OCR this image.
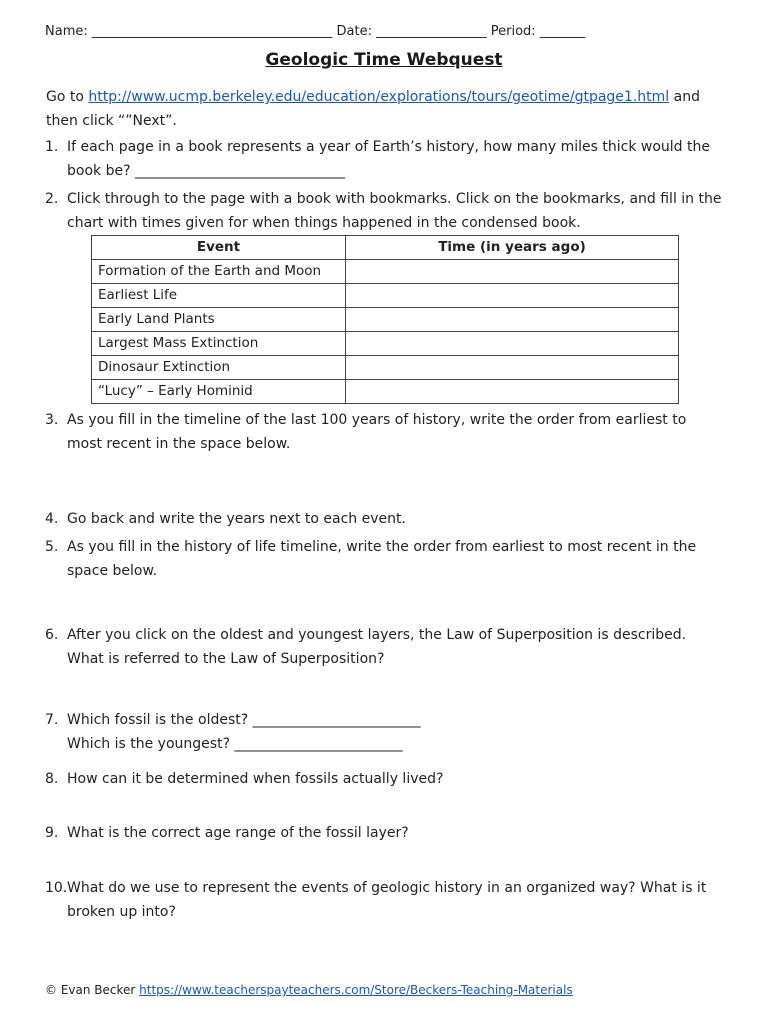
Name: _____________________________________ Date: _________________ Period: _______
Geologic Time Webquest
Go to http://www.ucmp.berkeley.edu/education/explorations/tours/geotime/gtpage1.html and then click “”Next”.
1. If each page in a book represents a year of Earth’s history, how many miles thick would the book be? ______________________________
2. Click through to the page with a book with bookmarks. Click on the bookmarks, and fill in the chart with times given for when things happened in the condensed book.
Event	Time (in years ago)
Formation of the Earth and Moon	
Earliest Life	
Early Land Plants	
Largest Mass Extinction	
Dinosaur Extinction	
“Lucy” – Early Hominid	
3. As you fill in the timeline of the last 100 years of history, write the order from earliest to most recent in the space below.
4. Go back and write the years next to each event.
5. As you fill in the history of life timeline, write the order from earliest to most recent in the space below.
6. After you click on the oldest and youngest layers, the Law of Superposition is described. What is referred to the Law of Superposition?
7. Which fossil is the oldest? ________________________
Which is the youngest? ________________________
8. How can it be determined when fossils actually lived?
9. What is the correct age range of the fossil layer?
10. What do we use to represent the events of geologic history in an organized way? What is it broken up into?
© Evan Becker https://www.teacherspayteachers.com/Store/Beckers-Teaching-Materials
